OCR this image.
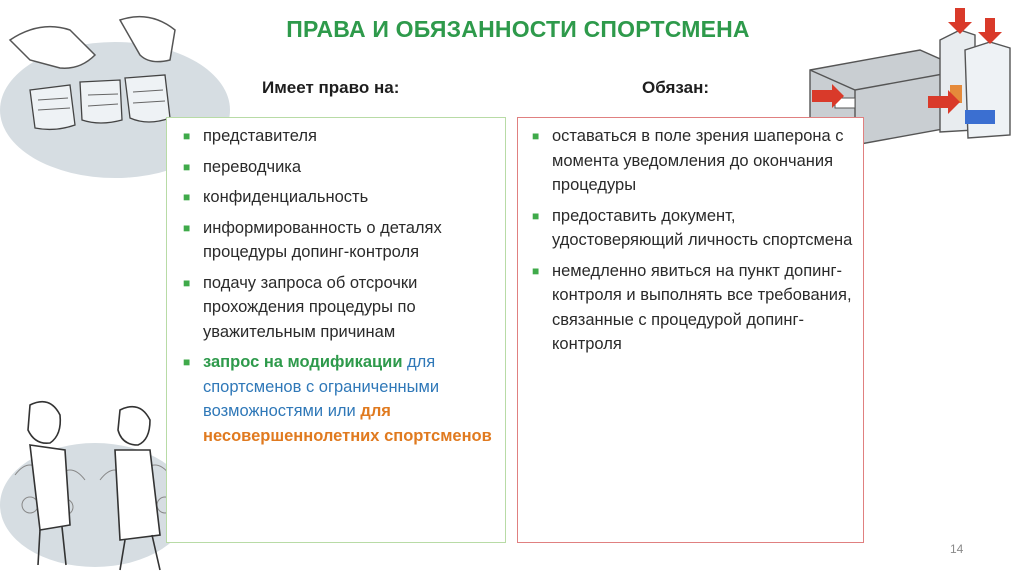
ПРАВА И ОБЯЗАННОСТИ СПОРТСМЕНА
Имеет право на:	Обязан:
■ представителя
■ переводчика
■ конфиденциальность
■ информированность о деталях процедуры допинг-контроля
■ подачу запроса об отсрочки прохождения процедуры по уважительным причинам
■ запрос на модификации для спортсменов с ограниченными возможностями или для несовершеннолетних спортсменов
■ оставаться в поле зрения шаперона с момента уведомления до окончания процедуры
■ предоставить документ, удостоверяющий личность спортсмена
■ немедленно явиться на пункт допинг-контроля и выполнять все требования, связанные с процедурой допинг-контроля
14
